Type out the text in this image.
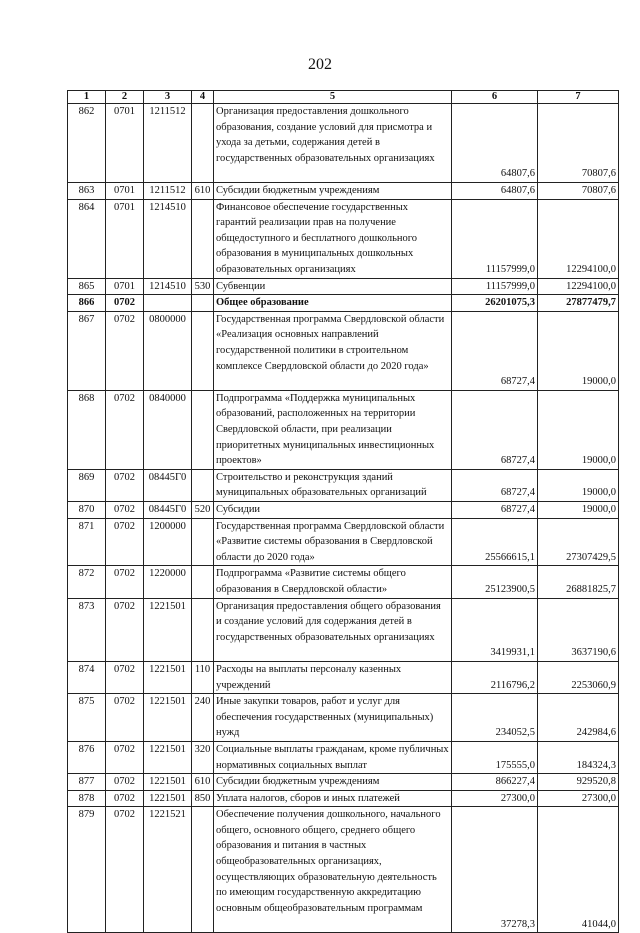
202
1	2	3	4	5	6	7
862	0701	1211512		Организация предоставления дошкольного образования, создание условий для присмотра и ухода за детьми, содержания детей в государственных образовательных организациях	64807,6	70807,6
863	0701	1211512	610	Субсидии бюджетным учреждениям	64807,6	70807,6
864	0701	1214510		Финансовое обеспечение государственных гарантий реализации прав на получение общедоступного и бесплатного дошкольного образования в муниципальных дошкольных образовательных организациях	11157999,0	12294100,0
865	0701	1214510	530	Субвенции	11157999,0	12294100,0
866	0702			Общее образование	26201075,3	27877479,7
867	0702	0800000		Государственная программа Свердловской области «Реализация основных направлений государственной политики в строительном комплексе Свердловской области до 2020 года»	68727,4	19000,0
868	0702	0840000		Подпрограмма «Поддержка муниципальных образований, расположенных на территории Свердловской области, при реализации приоритетных муниципальных инвестиционных проектов»	68727,4	19000,0
869	0702	08445Г0		Строительство и реконструкция зданий муниципальных образовательных организаций	68727,4	19000,0
870	0702	08445Г0	520	Субсидии	68727,4	19000,0
871	0702	1200000		Государственная программа Свердловской области «Развитие системы образования в Свердловской области до 2020 года»	25566615,1	27307429,5
872	0702	1220000		Подпрограмма «Развитие системы общего образования в Свердловской области»	25123900,5	26881825,7
873	0702	1221501		Организация предоставления общего образования и создание условий для содержания детей в государственных образовательных организациях	3419931,1	3637190,6
874	0702	1221501	110	Расходы на выплаты персоналу казенных учреждений	2116796,2	2253060,9
875	0702	1221501	240	Иные закупки товаров, работ и услуг для обеспечения государственных (муниципальных) нужд	234052,5	242984,6
876	0702	1221501	320	Социальные выплаты гражданам, кроме публичных нормативных социальных выплат	175555,0	184324,3
877	0702	1221501	610	Субсидии бюджетным учреждениям	866227,4	929520,8
878	0702	1221501	850	Уплата налогов, сборов и иных платежей	27300,0	27300,0
879	0702	1221521		Обеспечение получения дошкольного, начального общего, основного общего, среднего общего образования и питания в частных общеобразовательных организациях, осуществляющих образовательную деятельность по имеющим государственную аккредитацию основным общеобразовательным программам	37278,3	41044,0
